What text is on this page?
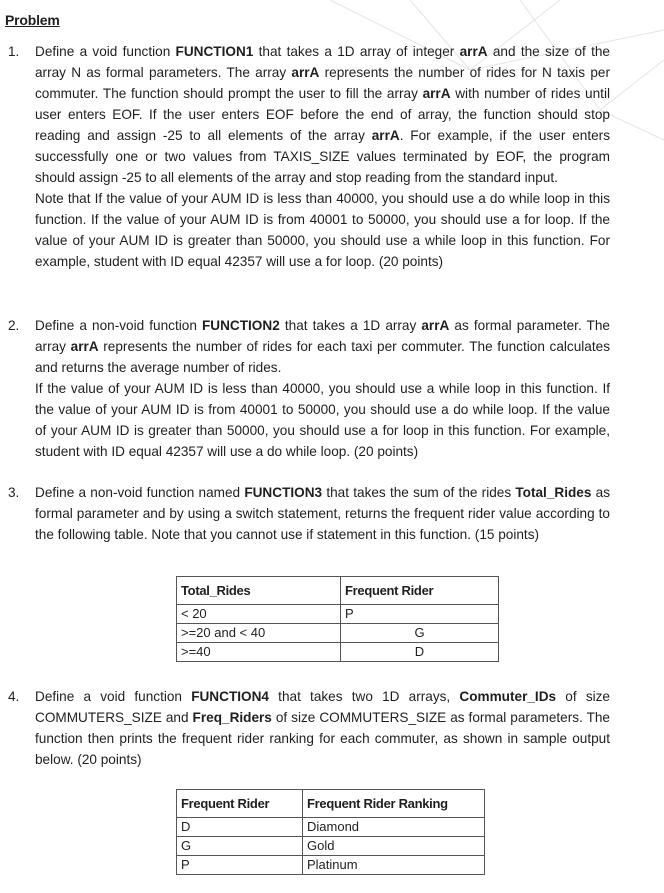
Problem
1. Define a void function FUNCTION1 that takes a 1D array of integer arrA and the size of the array N as formal parameters. The array arrA represents the number of rides for N taxis per commuter. The function should prompt the user to fill the array arrA with number of rides until user enters EOF. If the user enters EOF before the end of array, the function should stop reading and assign -25 to all elements of the array arrA. For example, if the user enters successfully one or two values from TAXIS_SIZE values terminated by EOF, the program should assign -25 to all elements of the array and stop reading from the standard input.

Note that If the value of your AUM ID is less than 40000, you should use a do while loop in this function. If the value of your AUM ID is from 40001 to 50000, you should use a for loop. If the value of your AUM ID is greater than 50000, you should use a while loop in this function. For example, student with ID equal 42357 will use a for loop. (20 points)

2. Define a non-void function FUNCTION2 that takes a 1D array arrA as formal parameter. The array arrA represents the number of rides for each taxi per commuter. The function calculates and returns the average number of rides.

If the value of your AUM ID is less than 40000, you should use a while loop in this function. If the value of your AUM ID is from 40001 to 50000, you should use a do while loop. If the value of your AUM ID is greater than 50000, you should use a for loop in this function. For example, student with ID equal 42357 will use a do while loop. (20 points)

3. Define a non-void function named FUNCTION3 that takes the sum of the rides Total_Rides as formal parameter and by using a switch statement, returns the frequent rider value according to the following table. Note that you cannot use if statement in this function. (15 points)

Total_Rides	Frequent Rider
< 20	P
>=20 and < 40	G
>=40	D
4. Define a void function FUNCTION4 that takes two 1D arrays, Commuter_IDs of size COMMUTERS_SIZE and Freq_Riders of size COMMUTERS_SIZE as formal parameters. The function then prints the frequent rider ranking for each commuter, as shown in sample output below. (20 points)

Frequent Rider	Frequent Rider Ranking
D	Diamond
G	Gold
P	Platinum
